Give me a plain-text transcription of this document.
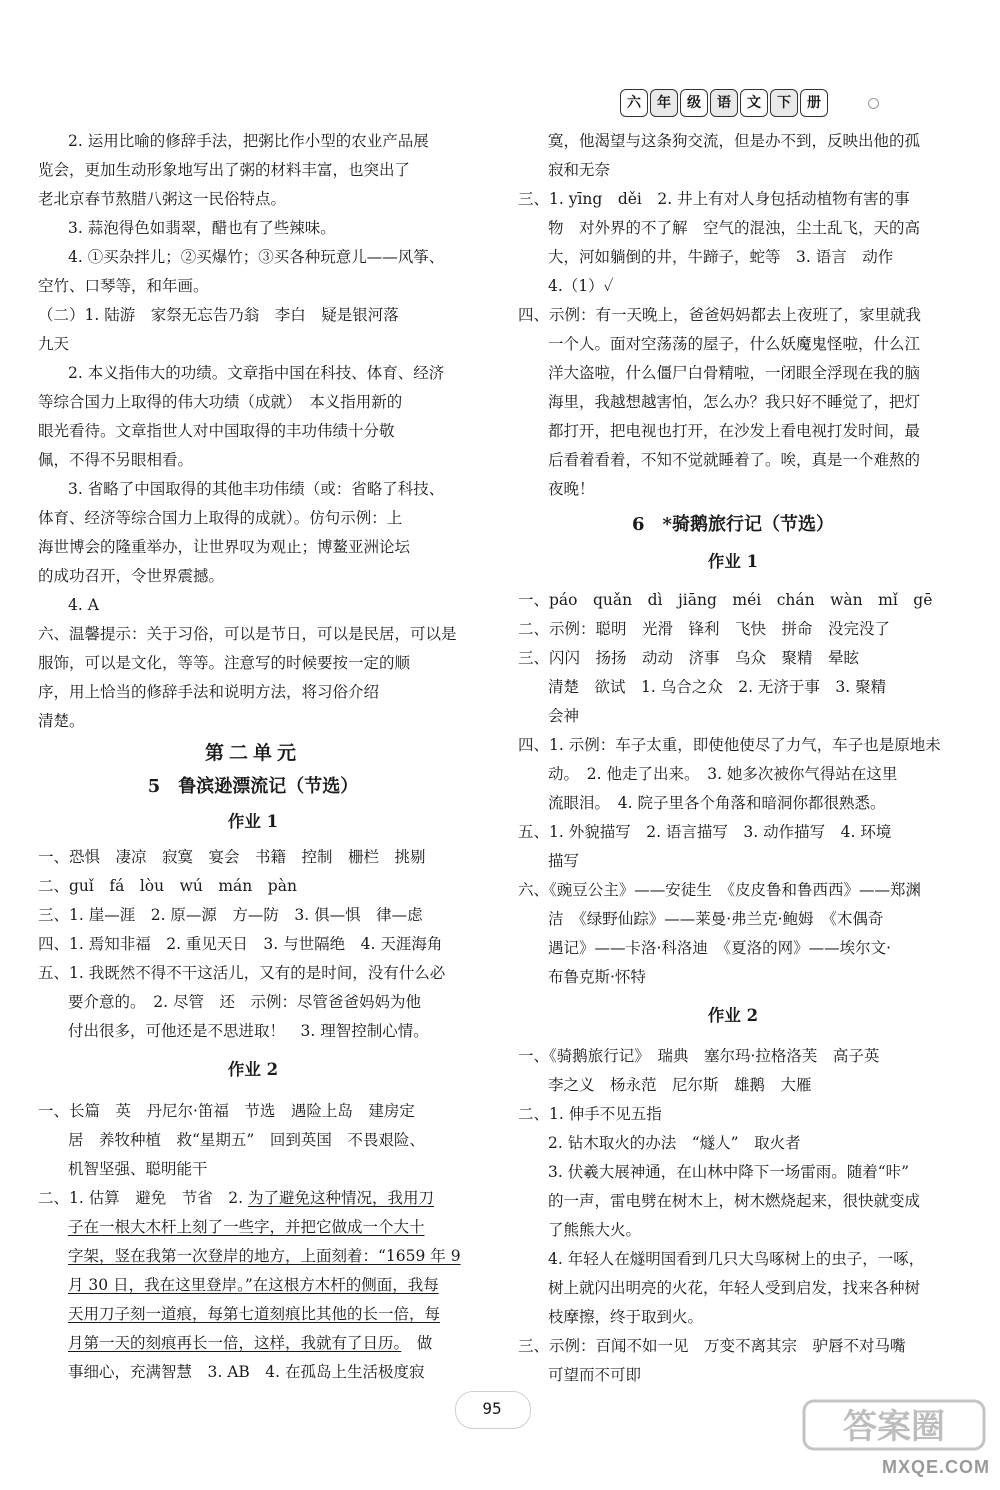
六	年	级	语	文	下	册
2. 运用比喻的修辞手法，把粥比作小型的农业产品展
览会，更加生动形象地写出了粥的材料丰富，也突出了
老北京春节熬腊八粥这一民俗特点。
3. 蒜泡得色如翡翠，醋也有了些辣味。
4. ①买杂拌儿；②买爆竹；③买各种玩意儿——风筝、
空竹、口琴等，和年画。
（二）1. 陆游　家祭无忘告乃翁　李白　疑是银河落
九天
2. 本义指伟大的功绩。文章指中国在科技、体育、经济
等综合国力上取得的伟大功绩（成就）　本义指用新的
眼光看待。文章指世人对中国取得的丰功伟绩十分敬
佩，不得不另眼相看。
3. 省略了中国取得的其他丰功伟绩（或：省略了科技、
体育、经济等综合国力上取得的成就）。仿句示例：上
海世博会的隆重举办，让世界叹为观止；博鳌亚洲论坛
的成功召开，令世界震撼。
4. A
六、温馨提示：关于习俗，可以是节日，可以是民居，可以是
服饰，可以是文化，等等。注意写的时候要按一定的顺
序，用上恰当的修辞手法和说明方法，将习俗介绍
清楚。
第二单元
5　鲁滨逊漂流记（节选）
作业 1
一、恐惧　凄凉　寂寞　宴会　书籍　控制　栅栏　挑剔
二、guǐ　fá　lòu　wú　mán　pàn
三、1. 崖—涯　2. 原—源　方—防　3. 俱—惧　律—虑
四、1. 焉知非福　2. 重见天日　3. 与世隔绝　4. 天涯海角
五、1. 我既然不得不干这活儿，又有的是时间，没有什么必
要介意的。　2. 尽管　还　示例：尽管爸爸妈妈为他
付出很多，可他还是不思进取！　3. 理智控制心情。
作业 2
一、长篇　英　丹尼尔·笛福　节选　遇险上岛　建房定
居　养牧种植　救“星期五”　回到英国　不畏艰险、
机智坚强、聪明能干
二、1. 估算　避免　节省　2. 为了避免这种情况，我用刀
子在一根大木杆上刻了一些字，并把它做成一个大十
字架，竖在我第一次登岸的地方，上面刻着：“1659 年 9
月 30 日，我在这里登岸。”在这根方木杆的侧面，我每
天用刀子刻一道痕，每第七道刻痕比其他的长一倍，每
月第一天的刻痕再长一倍，这样，我就有了日历。　做
事细心，充满智慧　3. AB　4. 在孤岛上生活极度寂
寞，他渴望与这条狗交流，但是办不到，反映出他的孤
寂和无奈
三、1. yīng　děi　2. 井上有对人身包括动植物有害的事
物　对外界的不了解　空气的混浊，尘土乱飞，天的高
大，河如躺倒的井，牛蹄子，蛇等　3. 语言　动作
4.（1）✓
四、示例：有一天晚上，爸爸妈妈都去上夜班了，家里就我
一个人。面对空荡荡的屋子，什么妖魔鬼怪啦，什么江
洋大盗啦，什么僵尸白骨精啦，一闭眼全浮现在我的脑
海里，我越想越害怕，怎么办？我只好不睡觉了，把灯
都打开，把电视也打开，在沙发上看电视打发时间，最
后看着看着，不知不觉就睡着了。唉，真是一个难熬的
夜晚！
6　*骑鹅旅行记（节选）
作业 1
一、páo　quǎn　dì　jiāng　méi　chán　wàn　mǐ　gē
二、示例：聪明　光滑　锋利　飞快　拼命　没完没了
三、闪闪　扬扬　动动　济事　乌众　聚精　晕眩
清楚　欲试　1. 乌合之众　2. 无济于事　3. 聚精
会神
四、1. 示例：车子太重，即使他使尽了力气，车子也是原地未
动。　2. 他走了出来。　3. 她多次被你气得站在这里
流眼泪。　4. 院子里各个角落和暗洞你都很熟悉。
五、1. 外貌描写　2. 语言描写　3. 动作描写　4. 环境
描写
六、《豌豆公主》——安徒生　《皮皮鲁和鲁西西》——郑渊
洁　《绿野仙踪》——莱曼·弗兰克·鲍姆　《木偶奇
遇记》——卡洛·科洛迪　《夏洛的网》——埃尔文·
布鲁克斯·怀特
作业 2
一、《骑鹅旅行记》　瑞典　塞尔玛·拉格洛芙　高子英
李之义　杨永范　尼尔斯　雄鹅　大雁
二、1. 伸手不见五指
2. 钻木取火的办法　“燧人”　取火者
3. 伏羲大展神通，在山林中降下一场雷雨。随着“咔”
的一声，雷电劈在树木上，树木燃烧起来，很快就变成
了熊熊大火。
4. 年轻人在燧明国看到几只大鸟啄树上的虫子，一啄，
树上就闪出明亮的火花，年轻人受到启发，找来各种树
枝摩擦，终于取到火。
三、示例：百闻不如一见　万变不离其宗　驴唇不对马嘴
可望而不可即
95	答案圈
MXQE.COM
